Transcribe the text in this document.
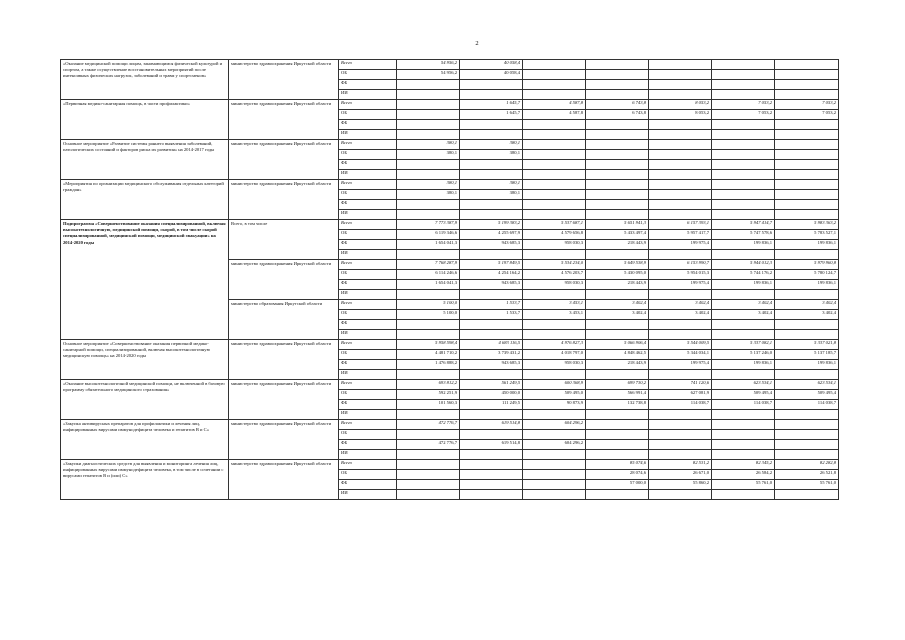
2
«Оказание медицинской помощи лицам, занимающимся физической культурой и спортом, а также осуществление восстановительных мероприятий после интенсивных физических нагрузок, заболеваний и травм у спортсменов»	министерство здравоохранения Иркутской области	Всего	54 956,2	40 058,4					
		ОБ	54 956,2	40 058,4					
		ФБ							
		ИИ							
«Первичная медико-санитарная помощь, в части профилактики»	министерство здравоохранения Иркутской области	Всего		1 645,7	4 587,8	6 743,8	8 053,2	7 053,2	7 053,2
		ОБ		1 645,7	4 587,8	6 743,8	8 053,2	7 053,2	7 053,2
		ФБ							
		ИИ							
Основное мероприятие «Развитие системы раннего выявления заболеваний, патологических состояний и факторов риска их развития» на 2014-2017 годы	министерство здравоохранения Иркутской области	Всего	380,1	380,1					
		ОБ	380,1	380,1					
		ФБ							
		ИИ							
«Мероприятия по организации медицинского обслуживания отдельных категорий граждан»	министерство здравоохранения Иркутской области	Всего	380,1	380,1					
		ОБ	380,1	380,1					
		ФБ							
		ИИ							
Подпрограмма «Совершенствование оказания специализированной, включая высокотехнологичную, медицинской помощи, скорой, в том числе скорой специализированной, медицинской помощи, медицинской эвакуации» на 2014-2020 годы	Всего, в том числе	Всего	7 773 387,9	5 199 383,2	5 537 687,1	5 651 941,3	6 157 393,1	5 947 414,7	5 983 363,2
		ОБ	6 119 346,6	4 255 697,9	4 579 656,8	5 433 497,4	5 957 417,7	5 747 578,6	5 783 527,1
		ФБ	1 654 041,3	943 685,3	958 030,3	218 443,9	199 975,4	199 836,1	199 836,1
		ИИ							
	министерство здравоохранения Иркутской области	Всего	7 768 287,9	5 197 849,5	5 534 234,0	5 649 538,9	6 153 990,7	5 944 012,3	5 979 960,8
		ОБ	6 114 246,6	4 254 164,2	4 576 203,7	5 430 095,0	5 954 015,3	5 744 176,2	5 780 124,7
		ФБ	1 654 041,3	943 685,3	958 030,3	218 443,9	199 975,4	199 836,1	199 836,1
		ИИ							
	министерство образования Иркутской области	Всего	5 100,0	1 533,7	3 453,1	3 402,4	3 402,4	3 402,4	3 402,4
		ОБ	5 100,0	1 533,7	3 453,1	3 402,4	3 402,4	3 402,4	3 402,4
		ФБ							
		ИИ							
Основное мероприятие «Совершенствование оказания первичной медико-санитарной помощи, специализированной, включая высокотехнологичную медицинскую помощь» на 2014-2020 годы	министерство здравоохранения Иркутской области	Всего	5 958 598,4	4 683 116,5	4 976 827,3	5 066 906,4	5 544 009,5	5 337 082,1	5 337 021,8
		ОБ	4 481 710,2	3 739 431,2	4 018 797,0	4 848 462,5	5 344 034,1	5 137 246,0	5 137 185,7
		ФБ	1 476 888,2	943 685,3	958 030,3	218 443,9	199 975,4	199 836,1	199 836,1
		ИИ							
«Оказание высокотехнологичной медицинской помощи, не включенной в базовую программу обязательного медицинского страхования»	министерство здравоохранения Иркутской области	Всего	693 812,2	561 249,5	600 368,9	699 730,2	741 120,6	623 534,1	623 534,1
		ОБ	592 251,9	450 000,0	509 495,0	566 991,4	627 081,9	509 495,4	509 495,4
		ФБ	101 560,3	111 249,5	90 873,9	132 738,8	114 038,7	114 038,7	114 038,7
		ИИ							
«Закупка антивирусных препаратов для профилактики и лечения лиц, инфицированных вирусами иммунодефицита человека и гепатитов B и C»	министерство здравоохранения Иркутской области	Всего	472 776,7	619 514,8	604 296,2				
		ОБ							
		ФБ	472 776,7	619 514,8	604 296,2				
		ИИ							
«Закупки диагностических средств для выявления и мониторинга лечения лиц, инфицированных вирусами иммунодефицита человека, в том числе в сочетании с вирусами гепатитов B и (или) C»	министерство здравоохранения Иркутской области	Всего				85 074,6	82 531,2	82 345,2	82 282,8
		ОБ				28 074,6	26 671,0	26 584,2	26 521,8
		ФБ				57 000,0	55 860,2	55 761,0	55 761,0
		ИИ							
